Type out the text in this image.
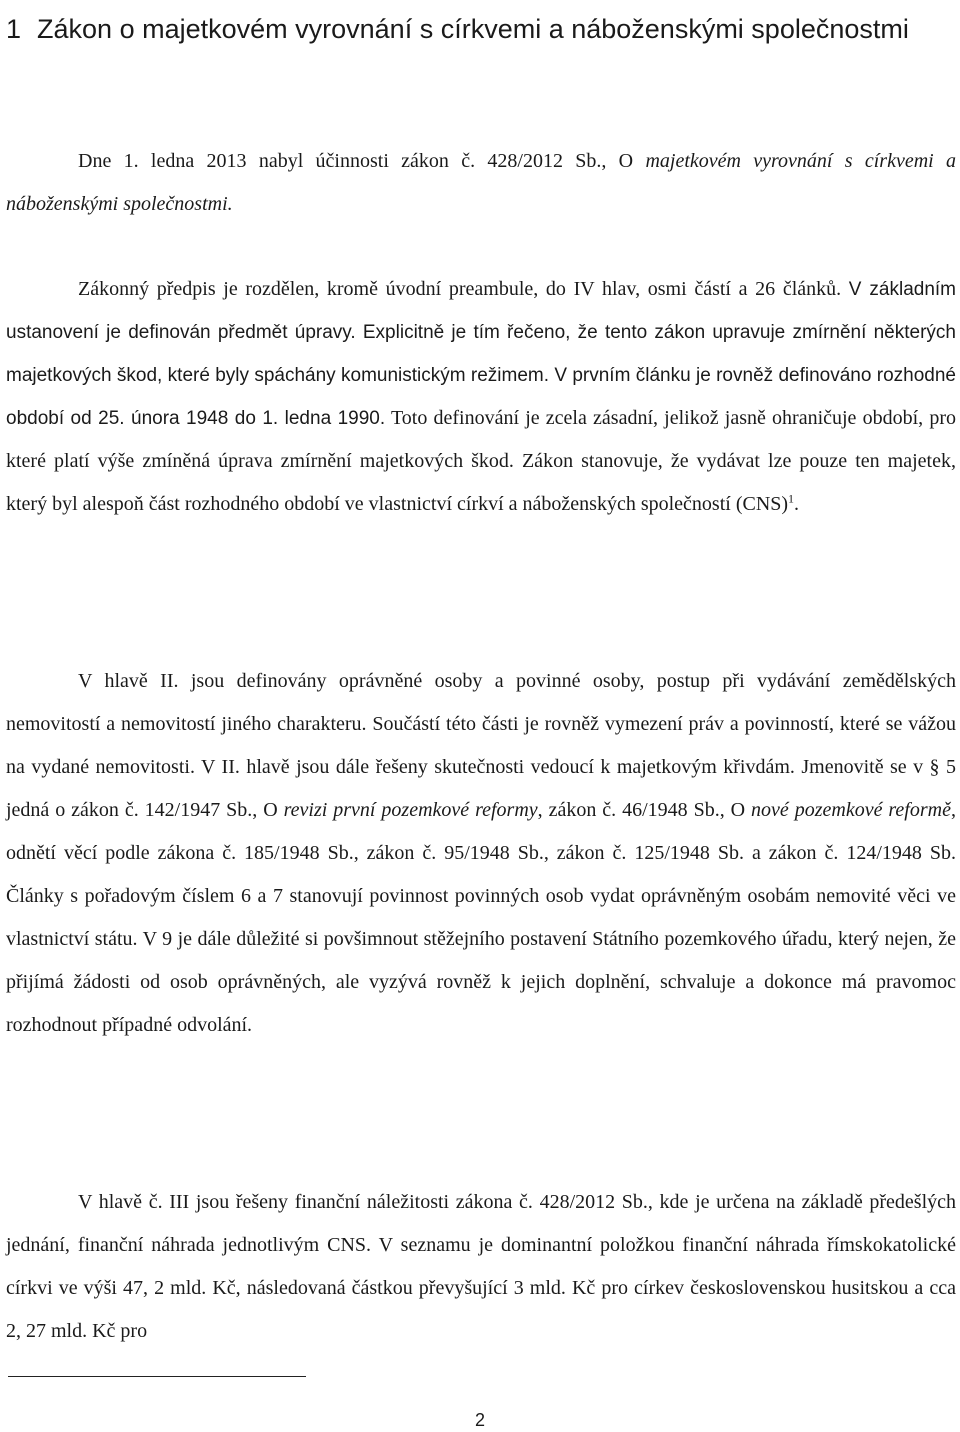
1 Zákon o majetkovém vyrovnání s církvemi a náboženskými společnostmi

Dne 1. ledna 2013 nabyl účinnosti zákon č. 428/2012 Sb., O majetkovém vyrovnání s církvemi a náboženskými společnostmi.

Zákonný předpis je rozdělen, kromě úvodní preambule, do IV hlav, osmi částí a 26 článků. V základním ustanovení je definován předmět úpravy. Explicitně je tím řečeno, že tento zákon upravuje zmírnění některých majetkových škod, které byly spáchány komunistickým režimem. V prvním článku je rovněž definováno rozhodné období od 25. února 1948 do 1. ledna 1990. Toto definování je zcela zásadní, jelikož jasně ohraničuje období, pro které platí výše zmíněná úprava zmírnění majetkových škod. Zákon stanovuje, že vydávat lze pouze ten majetek, který byl alespoň část rozhodného období ve vlastnictví církví a náboženských společností (CNS)$^1$.

V hlavě II. jsou definovány oprávněné osoby a povinné osoby, postup při vydávání zemědělských nemovitostí a nemovitostí jiného charakteru. Součástí této části je rovněž vymezení práv a povinností, které se vážou na vydané nemovitosti. V II. hlavě jsou dále řešeny skutečnosti vedoucí k majetkovým křivdám. Jmenovitě se v § 5 jedná o zákon č. 142/1947 Sb., O revizi první pozemkové reformy, zákon č. 46/1948 Sb., O nové pozemkové reformě, odnětí věcí podle zákona č. 185/1948 Sb., zákon č. 95/1948 Sb., zákon č. 125/1948 Sb. a zákon č. 124/1948 Sb. Články s pořadovým číslem 6 a 7 stanovují povinnost povinných osob vydat oprávněným osobám nemovité věci ve vlastnictví státu. V 9 je dále důležité si povšimnout stěžejního postavení Státního pozemkového úřadu, který nejen, že přijímá žádosti od osob oprávněných, ale vyzývá rovněž k jejich doplnění, schvaluje a dokonce má pravomoc rozhodnout případné odvolání.

V hlavě č. III jsou řešeny finanční náležitosti zákona č. 428/2012 Sb., kde je určena na základě předešlých jednání, finanční náhrada jednotlivým CNS. V seznamu je dominantní položkou finanční náhrada římskokatolické církvi ve výši 47, 2 mld. Kč, následovaná částkou převyšující 3 mld. Kč pro církev československou husitskou a cca 2, 27 mld. Kč pro

2
